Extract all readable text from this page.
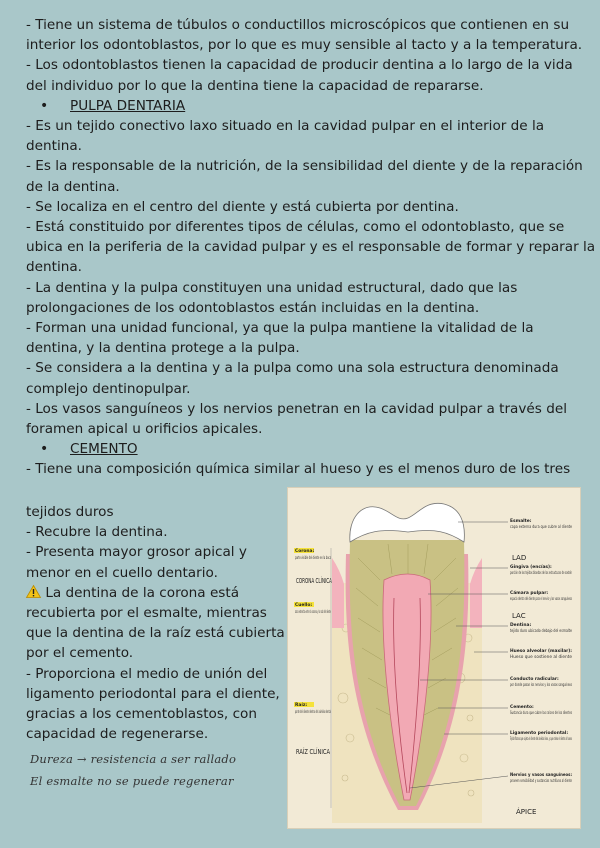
- Tiene un sistema de túbulos o conductillos microscópicos que contienen en su
interior los odontoblastos, por lo que es muy sensible al tacto y a la temperatura.
- Los odontoblastos tienen la capacidad de producir dentina a lo largo de la vida
del individuo por lo que la dentina tiene la capacidad de repararse.
• PULPA DENTARIA
- Es un tejido conectivo laxo situado en la cavidad pulpar en el interior de la
dentina.
- Es la responsable de la nutrición, de la sensibilidad del diente y de la reparación
de la dentina.
- Se localiza en el centro del diente y está cubierta por dentina.
- Está constituido por diferentes tipos de células, como el odontoblasto, que se
ubica en la periferia de la cavidad pulpar y es el responsable de formar y reparar la
dentina.
- La dentina y la pulpa constituyen una unidad estructural, dado que las
prolongaciones de los odontoblastos están incluidas en la dentina.
- Forman una unidad funcional, ya que la pulpa mantiene la vitalidad de la
dentina, y la dentina protege a la pulpa.
- Se considera a la dentina y a la pulpa como una sola estructura denominada
complejo dentinopulpar.
- Los vasos sanguíneos y los nervios penetran en la cavidad pulpar a través del
foramen apical u orificios apicales.
• CEMENTO
- Tiene una composición química similar al hueso y es el menos duro de los tres
tejidos duros
- Recubre la dentina.
- Presenta mayor grosor apical y
menor en el cuello dentario.
La dentina de la corona está
recubierta por el esmalte, mientras
que la dentina de la raíz está cubierta
por el cemento.
- Proporciona el medio de unión del
ligamento periodontal para el diente,
gracias a los cementoblastos, con
capacidad de regenerarse.
Dureza → resistencia a ser rallado
El esmalte no se puede regenerar
Corona:
parte visible del diente en la boca
CORONA CLÍNICA
Cuello:
zona estrecha entre la corona y la raíz del diente
Raíz:
parte del diente dentro del alvéolo dental
RAÍZ CLÍNICA
Esmalte:
capa externa dura que cubre al diente
LAD
Gingiva (encías):
porción de los tejidos blandos de las estructuras de sostén
Cámara pulpar:
espacio dentro del diente para el nervio y los vasos sanguíneos
LAC
Dentina:
tejido duro ubicado debajo del esmalte
Hueso alveolar (maxilar):
Hueso que sostiene al diente
Conducto radicular:
por donde pasan los nervios y los vasos sanguíneos
Cemento:
Sustancia dura que cubre las raíces de los dientes
Ligamento periodontal:
Tejido fibroso que sujeta el diente del alvéolo óseo, y que rodea el diente al hueso
Nervios y vasos sanguíneos:
proveen sensibilidad y sustancias nutritivas al diente
ÁPICE
